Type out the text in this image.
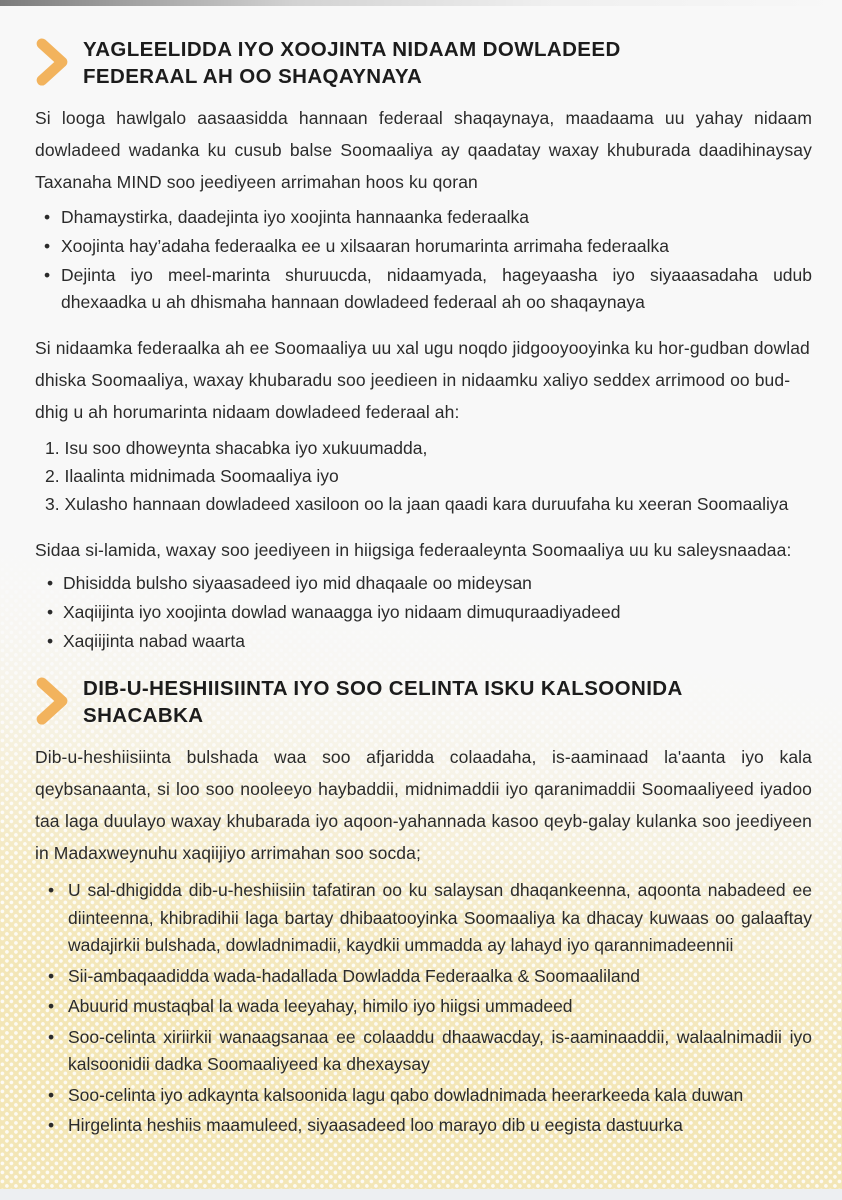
YAGLEELIDDA IYO XOOJINTA NIDAAM DOWLADEED FEDERAAL AH OO SHAQAYNAYA

Si looga hawlgalo aasaasidda hannaan federaal shaqaynaya, maadaama uu yahay nidaam dowladeed wadanka ku cusub balse Soomaaliya ay qaadatay waxay khuburada daadihinaysay Taxanaha MIND soo jeediyeen arrimahan hoos ku qoran

• Dhamaystirka, daadejinta iyo xoojinta hannaanka federaalka
• Xoojinta hay’adaha federaalka ee u xilsaaran horumarinta arrimaha federaalka
• Dejinta iyo meel-marinta shuruucda, nidaamyada, hageyaasha iyo siyaaasadaha udub dhexaadka u ah dhismaha hannaan dowladeed federaal ah oo shaqaynaya

Si nidaamka federaalka ah ee Soomaaliya uu xal ugu noqdo jidgooyooyinka ku hor-gudban dowlad dhiska Soomaaliya, waxay khubaradu soo jeedieen in nidaamku xaliyo seddex arrimood oo bud-dhig u ah horumarinta nidaam dowladeed federaal ah:

Isu soo dhoweynta shacabka iyo xukuumadda,
Ilaalinta midnimada Soomaaliya iyo
Xulasho hannaan dowladeed xasiloon oo la jaan qaadi kara duruufaha ku xeeran Soomaaliya

Sidaa si-lamida, waxay soo jeediyeen in hiigsiga federaaleynta Soomaaliya uu ku saleysnaadaa:

• Dhisidda bulsho siyaasadeed iyo mid dhaqaale oo mideysan
• Xaqiijinta iyo xoojinta dowlad wanaagga iyo nidaam dimuquraadiyadeed
• Xaqiijinta nabad waarta
DIB-U-HESHIISIINTA IYO SOO CELINTA ISKU KALSOONIDA SHACABKA

Dib-u-heshiisiinta bulshada waa soo afjaridda colaadaha, is-aaminaad la'aanta iyo kala qeybsanaanta, si loo soo nooleeyo haybaddii, midnimaddii iyo qaranimaddii Soomaaliyeed iyadoo taa laga duulayo waxay khubarada iyo aqoon-yahannada kasoo qeyb-galay kulanka soo jeediyeen in Madaxweynuhu xaqiijiyo arrimahan soo socda;

• U sal-dhigidda dib-u-heshiisiin tafatiran oo ku salaysan dhaqankeenna, aqoonta nabadeed ee diinteenna, khibradihii laga bartay dhibaatooyinka Soomaaliya ka dhacay kuwaas oo galaaftay wadajirkii bulshada, dowladnimadii, kaydkii ummadda ay lahayd iyo qarannimadeennii
• Sii-ambaqaadidda wada-hadallada Dowladda Federaalka & Soomaaliland
• Abuurid mustaqbal la wada leeyahay, himilo iyo hiigsi ummadeed
• Soo-celinta xiriirkii wanaagsanaa ee colaaddu dhaawacday, is-aaminaaddii, walaalnimadii iyo kalsoonidii dadka Soomaaliyeed ka dhexaysay
• Soo-celinta iyo adkaynta kalsoonida lagu qabo dowladnimada heerarkeeda kala duwan
• Hirgelinta heshiis maamuleed, siyaasadeed loo marayo dib u eegista dastuurka
